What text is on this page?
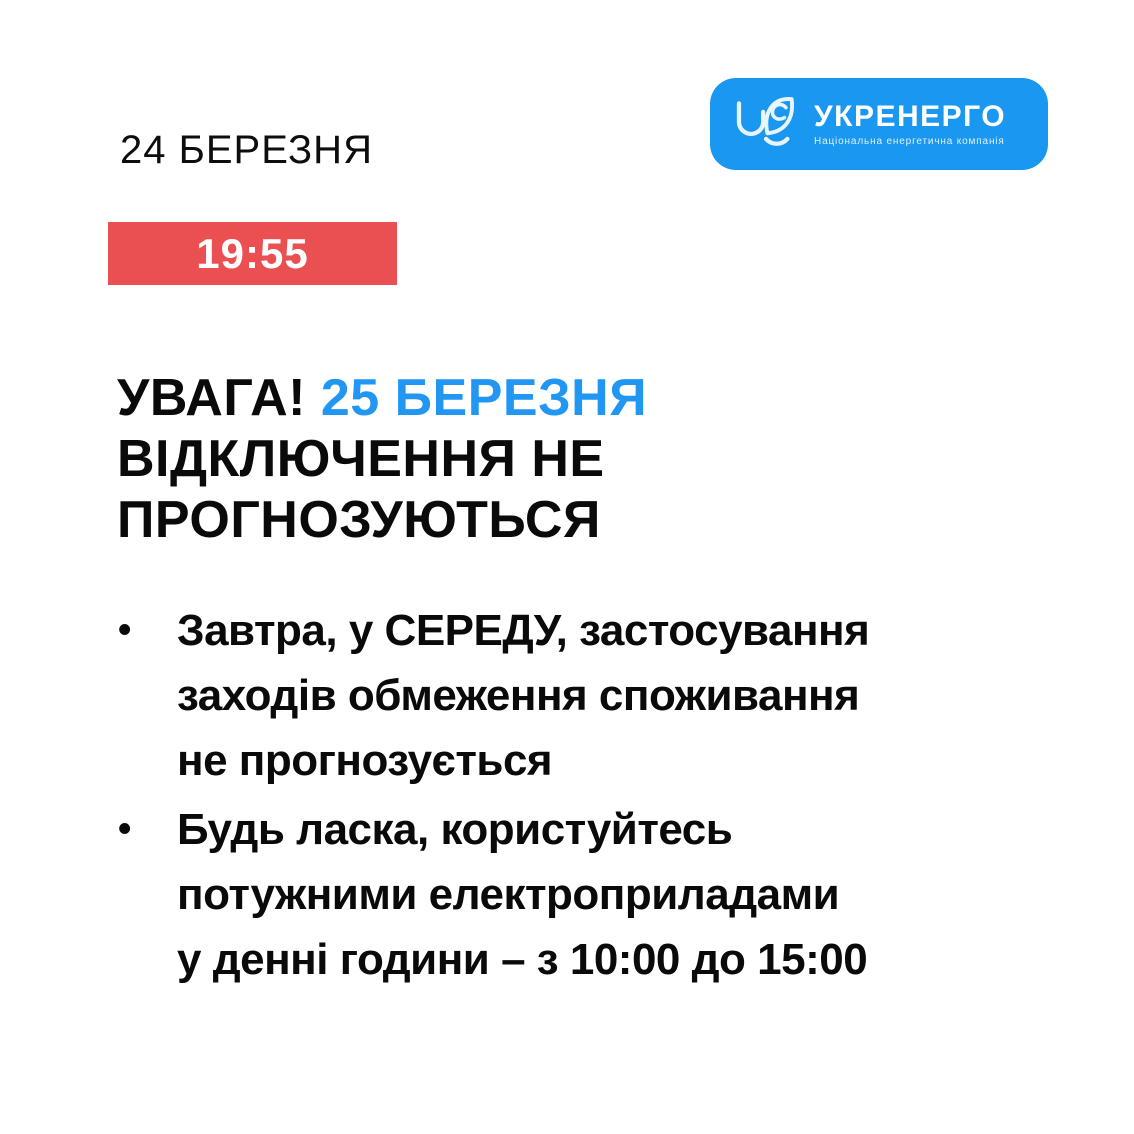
24 БЕРЕЗНЯ
УКРЕНЕРГО
Національна енергетична компанія
19:55
УВАГА! 25 БЕРЕЗНЯ
ВІДКЛЮЧЕННЯ НЕ
ПРОГНОЗУЮТЬСЯ
•	Завтра, у СЕРЕДУ, застосування
заходів обмеження споживання
не прогнозується
•	Будь ласка, користуйтесь
потужними електроприладами
у денні години – з 10:00 до 15:00
